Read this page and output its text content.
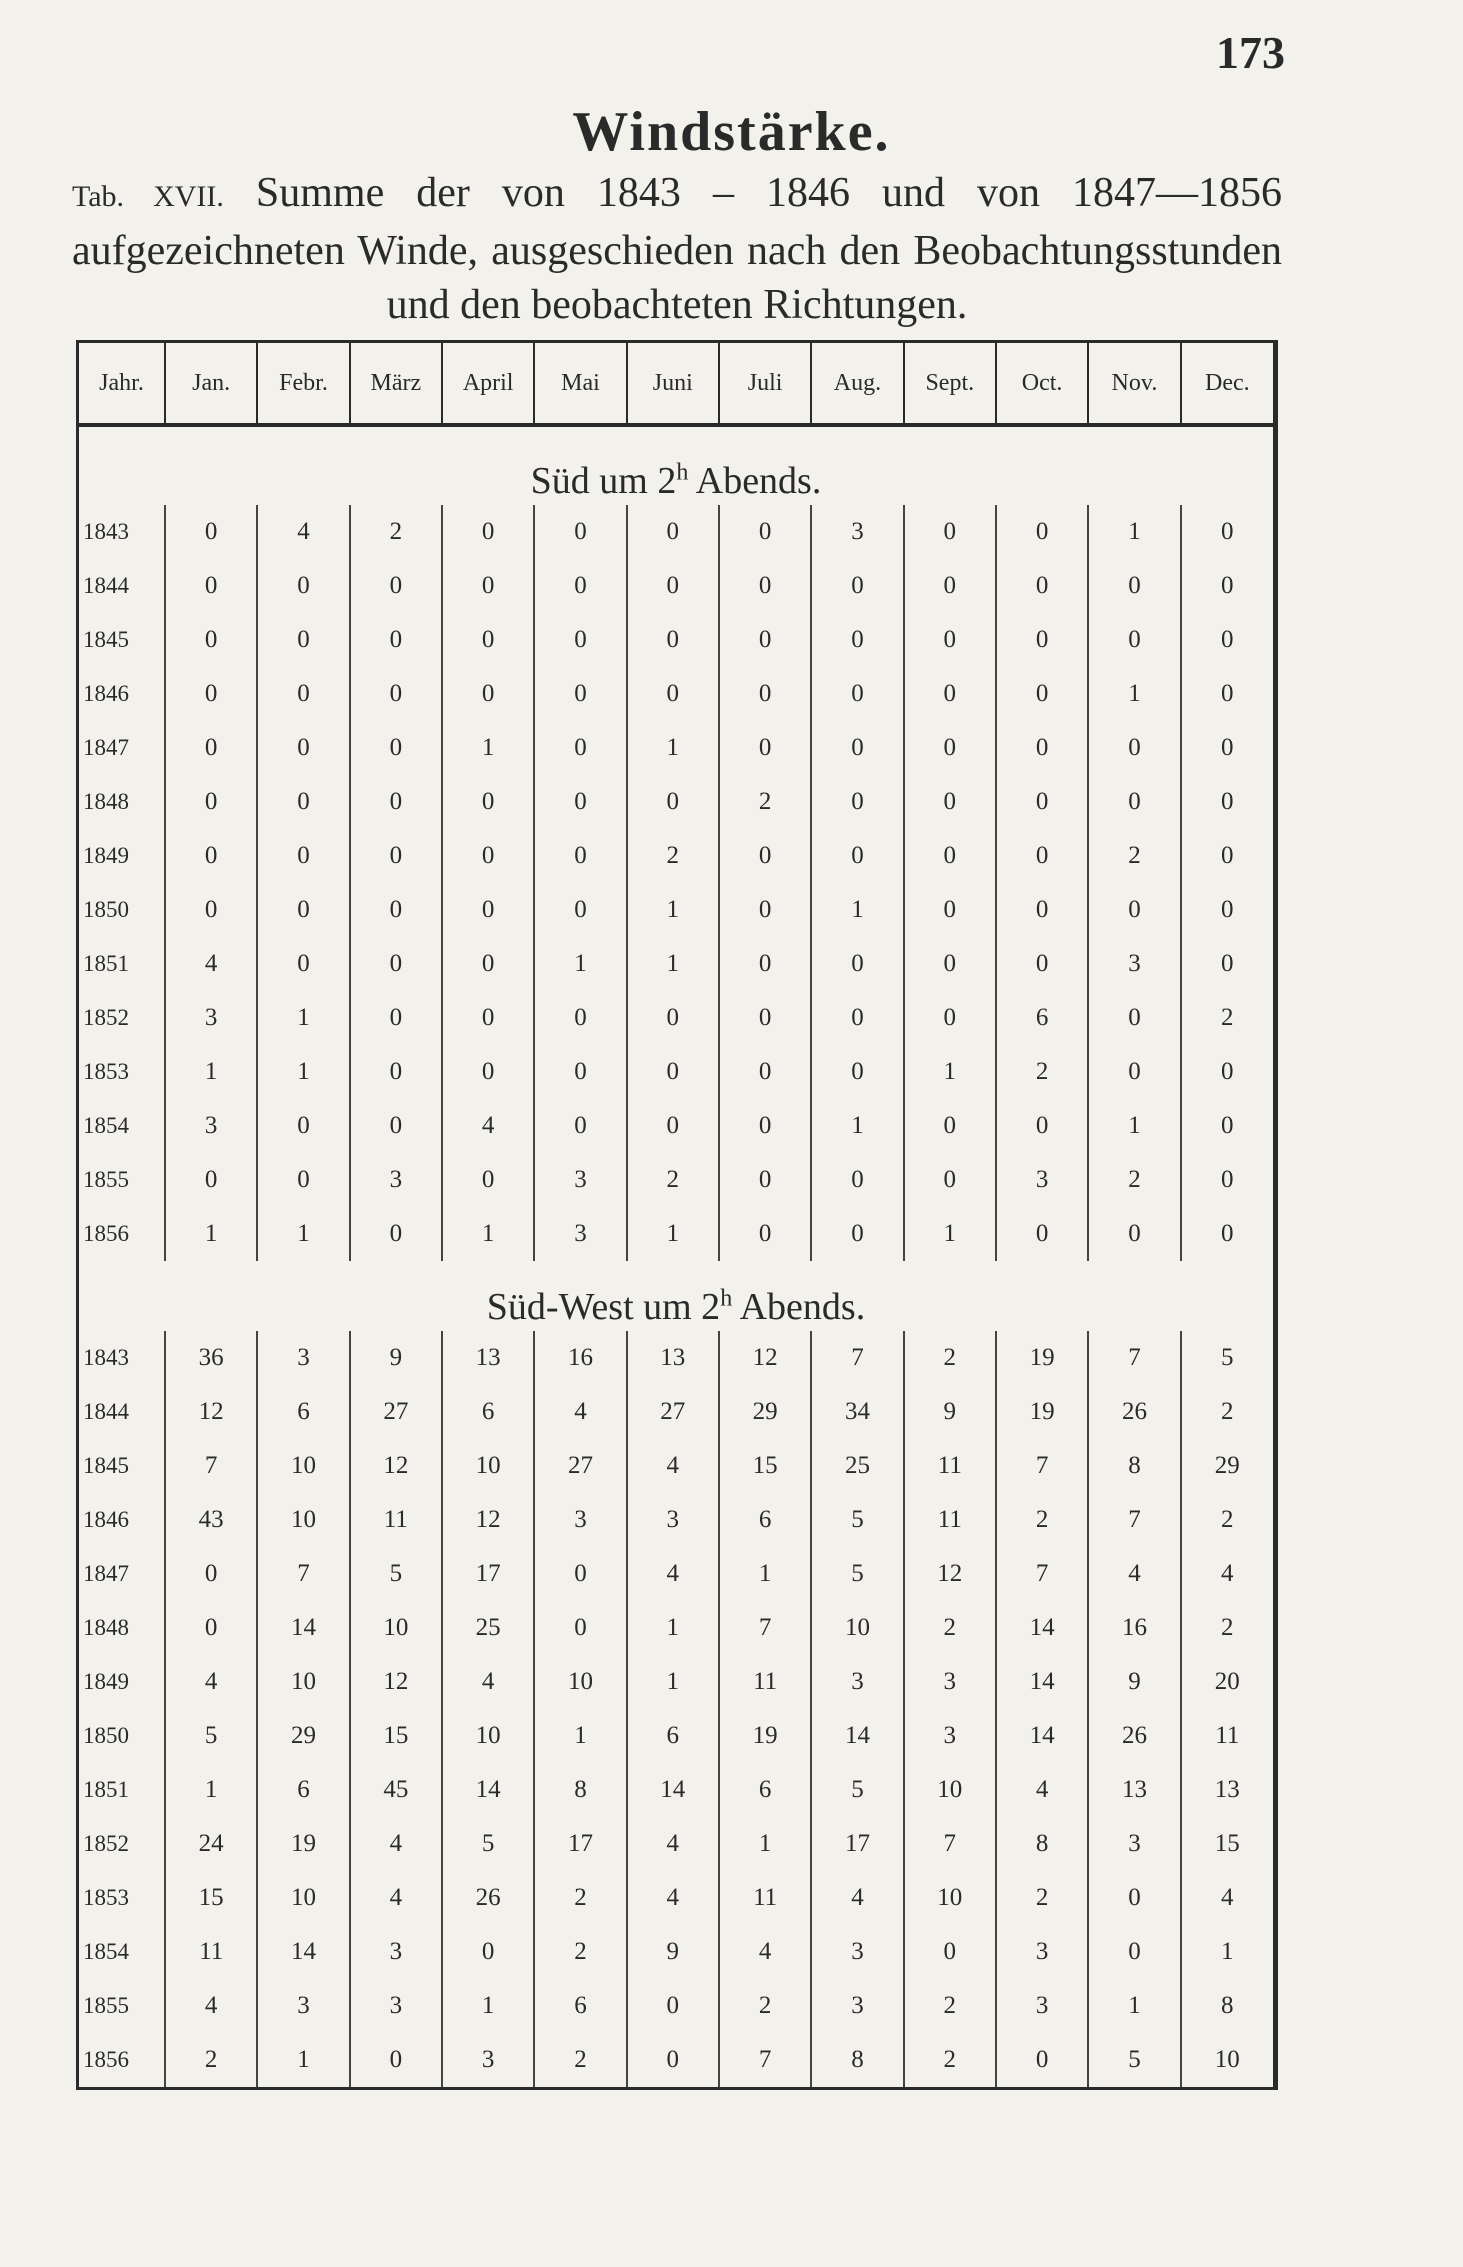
173
Windstärke.
Tab. XVII. Summe der von 1843 – 1846 und von 1847—1856 aufgezeichneten Winde, ausgeschieden nach den Beobachtungsstunden und den beobachteten Richtungen.
Jahr.	Jan.	Febr.	März	April	Mai	Juni	Juli	Aug.	Sept.	Oct.	Nov.	Dec.
Süd um 2$^h$ Abends.												
1843	0	4	2	0	0	0	0	3	0	0	1	0
1844	0	0	0	0	0	0	0	0	0	0	0	0
1845	0	0	0	0	0	0	0	0	0	0	0	0
1846	0	0	0	0	0	0	0	0	0	0	1	0
1847	0	0	0	1	0	1	0	0	0	0	0	0
1848	0	0	0	0	0	0	2	0	0	0	0	0
1849	0	0	0	0	0	2	0	0	0	0	2	0
1850	0	0	0	0	0	1	0	1	0	0	0	0
1851	4	0	0	0	1	1	0	0	0	0	3	0
1852	3	1	0	0	0	0	0	0	0	6	0	2
1853	1	1	0	0	0	0	0	0	1	2	0	0
1854	3	0	0	4	0	0	0	1	0	0	1	0
1855	0	0	3	0	3	2	0	0	0	3	2	0
1856	1	1	0	1	3	1	0	0	1	0	0	0
Süd-West um 2$^h$ Abends.												
1843	36	3	9	13	16	13	12	7	2	19	7	5
1844	12	6	27	6	4	27	29	34	9	19	26	2
1845	7	10	12	10	27	4	15	25	11	7	8	29
1846	43	10	11	12	3	3	6	5	11	2	7	2
1847	0	7	5	17	0	4	1	5	12	7	4	4
1848	0	14	10	25	0	1	7	10	2	14	16	2
1849	4	10	12	4	10	1	11	3	3	14	9	20
1850	5	29	15	10	1	6	19	14	3	14	26	11
1851	1	6	45	14	8	14	6	5	10	4	13	13
1852	24	19	4	5	17	4	1	17	7	8	3	15
1853	15	10	4	26	2	4	11	4	10	2	0	4
1854	11	14	3	0	2	9	4	3	0	3	0	1
1855	4	3	3	1	6	0	2	3	2	3	1	8
1856	2	1	0	3	2	0	7	8	2	0	5	10
